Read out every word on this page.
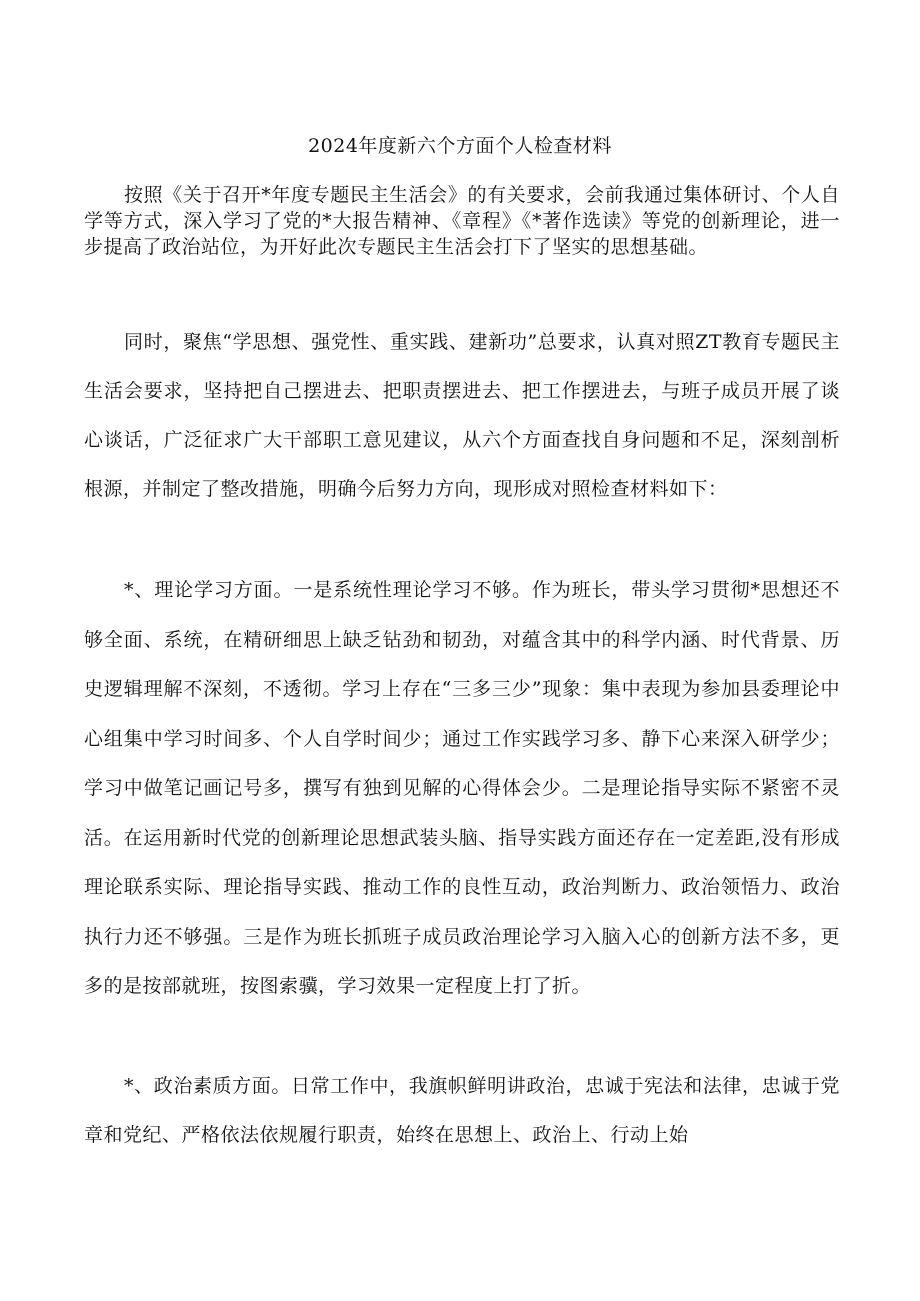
2024年度新六个方面个人检查材料

按照《关于召开*年度专题民主生活会》的有关要求，会前我通过集体研讨、个人自学等方式，深入学习了党的*大报告精神、《章程》《*著作选读》等党的创新理论，进一步提高了政治站位，为开好此次专题民主生活会打下了坚实的思想基础。

同时，聚焦“学思想、强党性、重实践、建新功”总要求，认真对照ZT教育专题民主生活会要求，坚持把自己摆进去、把职责摆进去、把工作摆进去，与班子成员开展了谈心谈话，广泛征求广大干部职工意见建议，从六个方面查找自身问题和不足，深刻剖析根源，并制定了整改措施，明确今后努力方向，现形成对照检查材料如下：

*、理论学习方面。一是系统性理论学习不够。作为班长，带头学习贯彻*思想还不够全面、系统，在精研细思上缺乏钻劲和韧劲，对蕴含其中的科学内涵、时代背景、历史逻辑理解不深刻，不透彻。学习上存在“三多三少”现象：集中表现为参加县委理论中心组集中学习时间多、个人自学时间少；通过工作实践学习多、静下心来深入研学少；学习中做笔记画记号多，撰写有独到见解的心得体会少。二是理论指导实际不紧密不灵活。在运用新时代党的创新理论思想武装头脑、指导实践方面还存在一定差距,没有形成理论联系实际、理论指导实践、推动工作的良性互动，政治判断力、政治领悟力、政治执行力还不够强。三是作为班长抓班子成员政治理论学习入脑入心的创新方法不多，更多的是按部就班，按图索骥，学习效果一定程度上打了折。

*、政治素质方面。日常工作中，我旗帜鲜明讲政治，忠诚于宪法和法律，忠诚于党章和党纪、严格依法依规履行职责，始终在思想上、政治上、行动上始
